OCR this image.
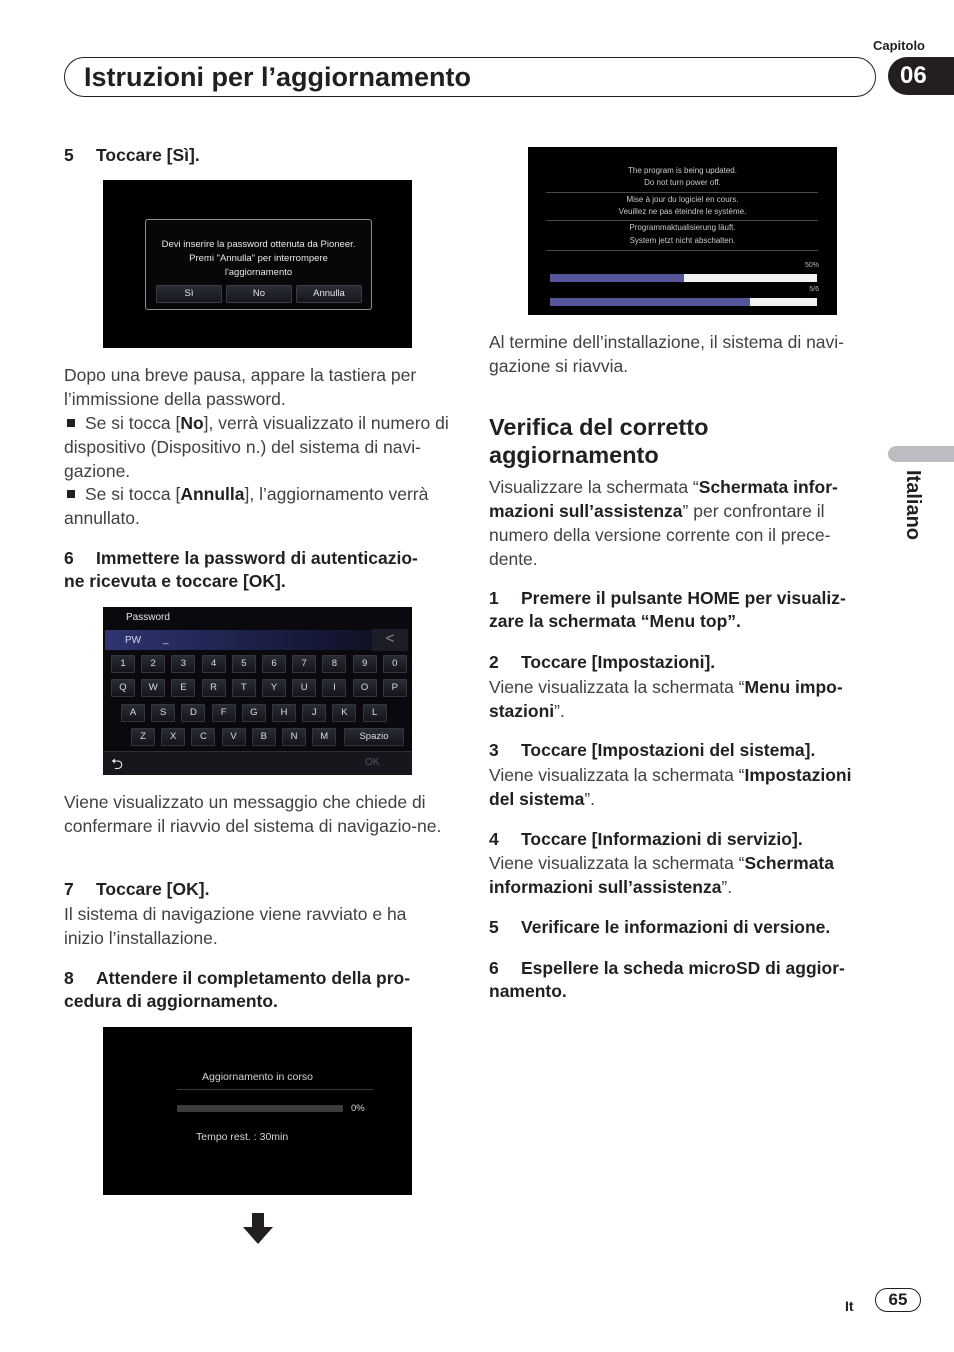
Capitolo
06
Istruzioni per l’aggiornamento
Italiano
5 Toccare [Sì].
Devi inserire la password ottenuta da Pioneer.
Premi "Annulla" per interrompere
l'aggiornamento
Sì	No	Annulla
Dopo una breve pausa, appare la tastiera per l’immissione della password.
Se si tocca [No], verrà visualizzato il numero di dispositivo (Dispositivo n.) del sistema di navi-gazione.
Se si tocca [Annulla], l’aggiornamento verrà annullato.
6 Immettere la password di autenticazio-
ne ricevuta e toccare [OK].
Password
PW _	<
1	2	3	4	5	6	7	8	9	0
Q	W	E	R	T	Y	U	I	O	P
A	S	D	F	G	H	J	K	L
Z	X	C	V	B	N	M	Spazio
⮌	OK
Viene visualizzato un messaggio che chiede di confermare il riavvio del sistema di navigazio-ne.
7 Toccare [OK].
Il sistema di navigazione viene ravviato e ha inizio l’installazione.
8 Attendere il completamento della pro-
cedura di aggiornamento.
Aggiornamento in corso
0%
Tempo rest. : 30min
The program is being updated.
Do not turn power off.
Mise à jour du logiciel en cours.
Veuillez ne pas éteindre le système.
Programmaktualisierung läuft.
System jetzt nicht abschalten.
50%
5/6
Al termine dell’installazione, il sistema di navi-gazione si riavvia.
Verifica del corretto
aggiornamento
Visualizzare la schermata “Schermata infor-mazioni sull’assistenza” per confrontare il numero della versione corrente con il prece-dente.
1 Premere il pulsante HOME per visualiz-
zare la schermata “Menu top”.
2 Toccare [Impostazioni].
Viene visualizzata la schermata “Menu impo-stazioni”.
3 Toccare [Impostazioni del sistema].
Viene visualizzata la schermata “Impostazioni del sistema”.
4 Toccare [Informazioni di servizio].
Viene visualizzata la schermata “Schermata informazioni sull’assistenza”.
5 Verificare le informazioni di versione.
6 Espellere la scheda microSD di aggior-
namento.
It	65
